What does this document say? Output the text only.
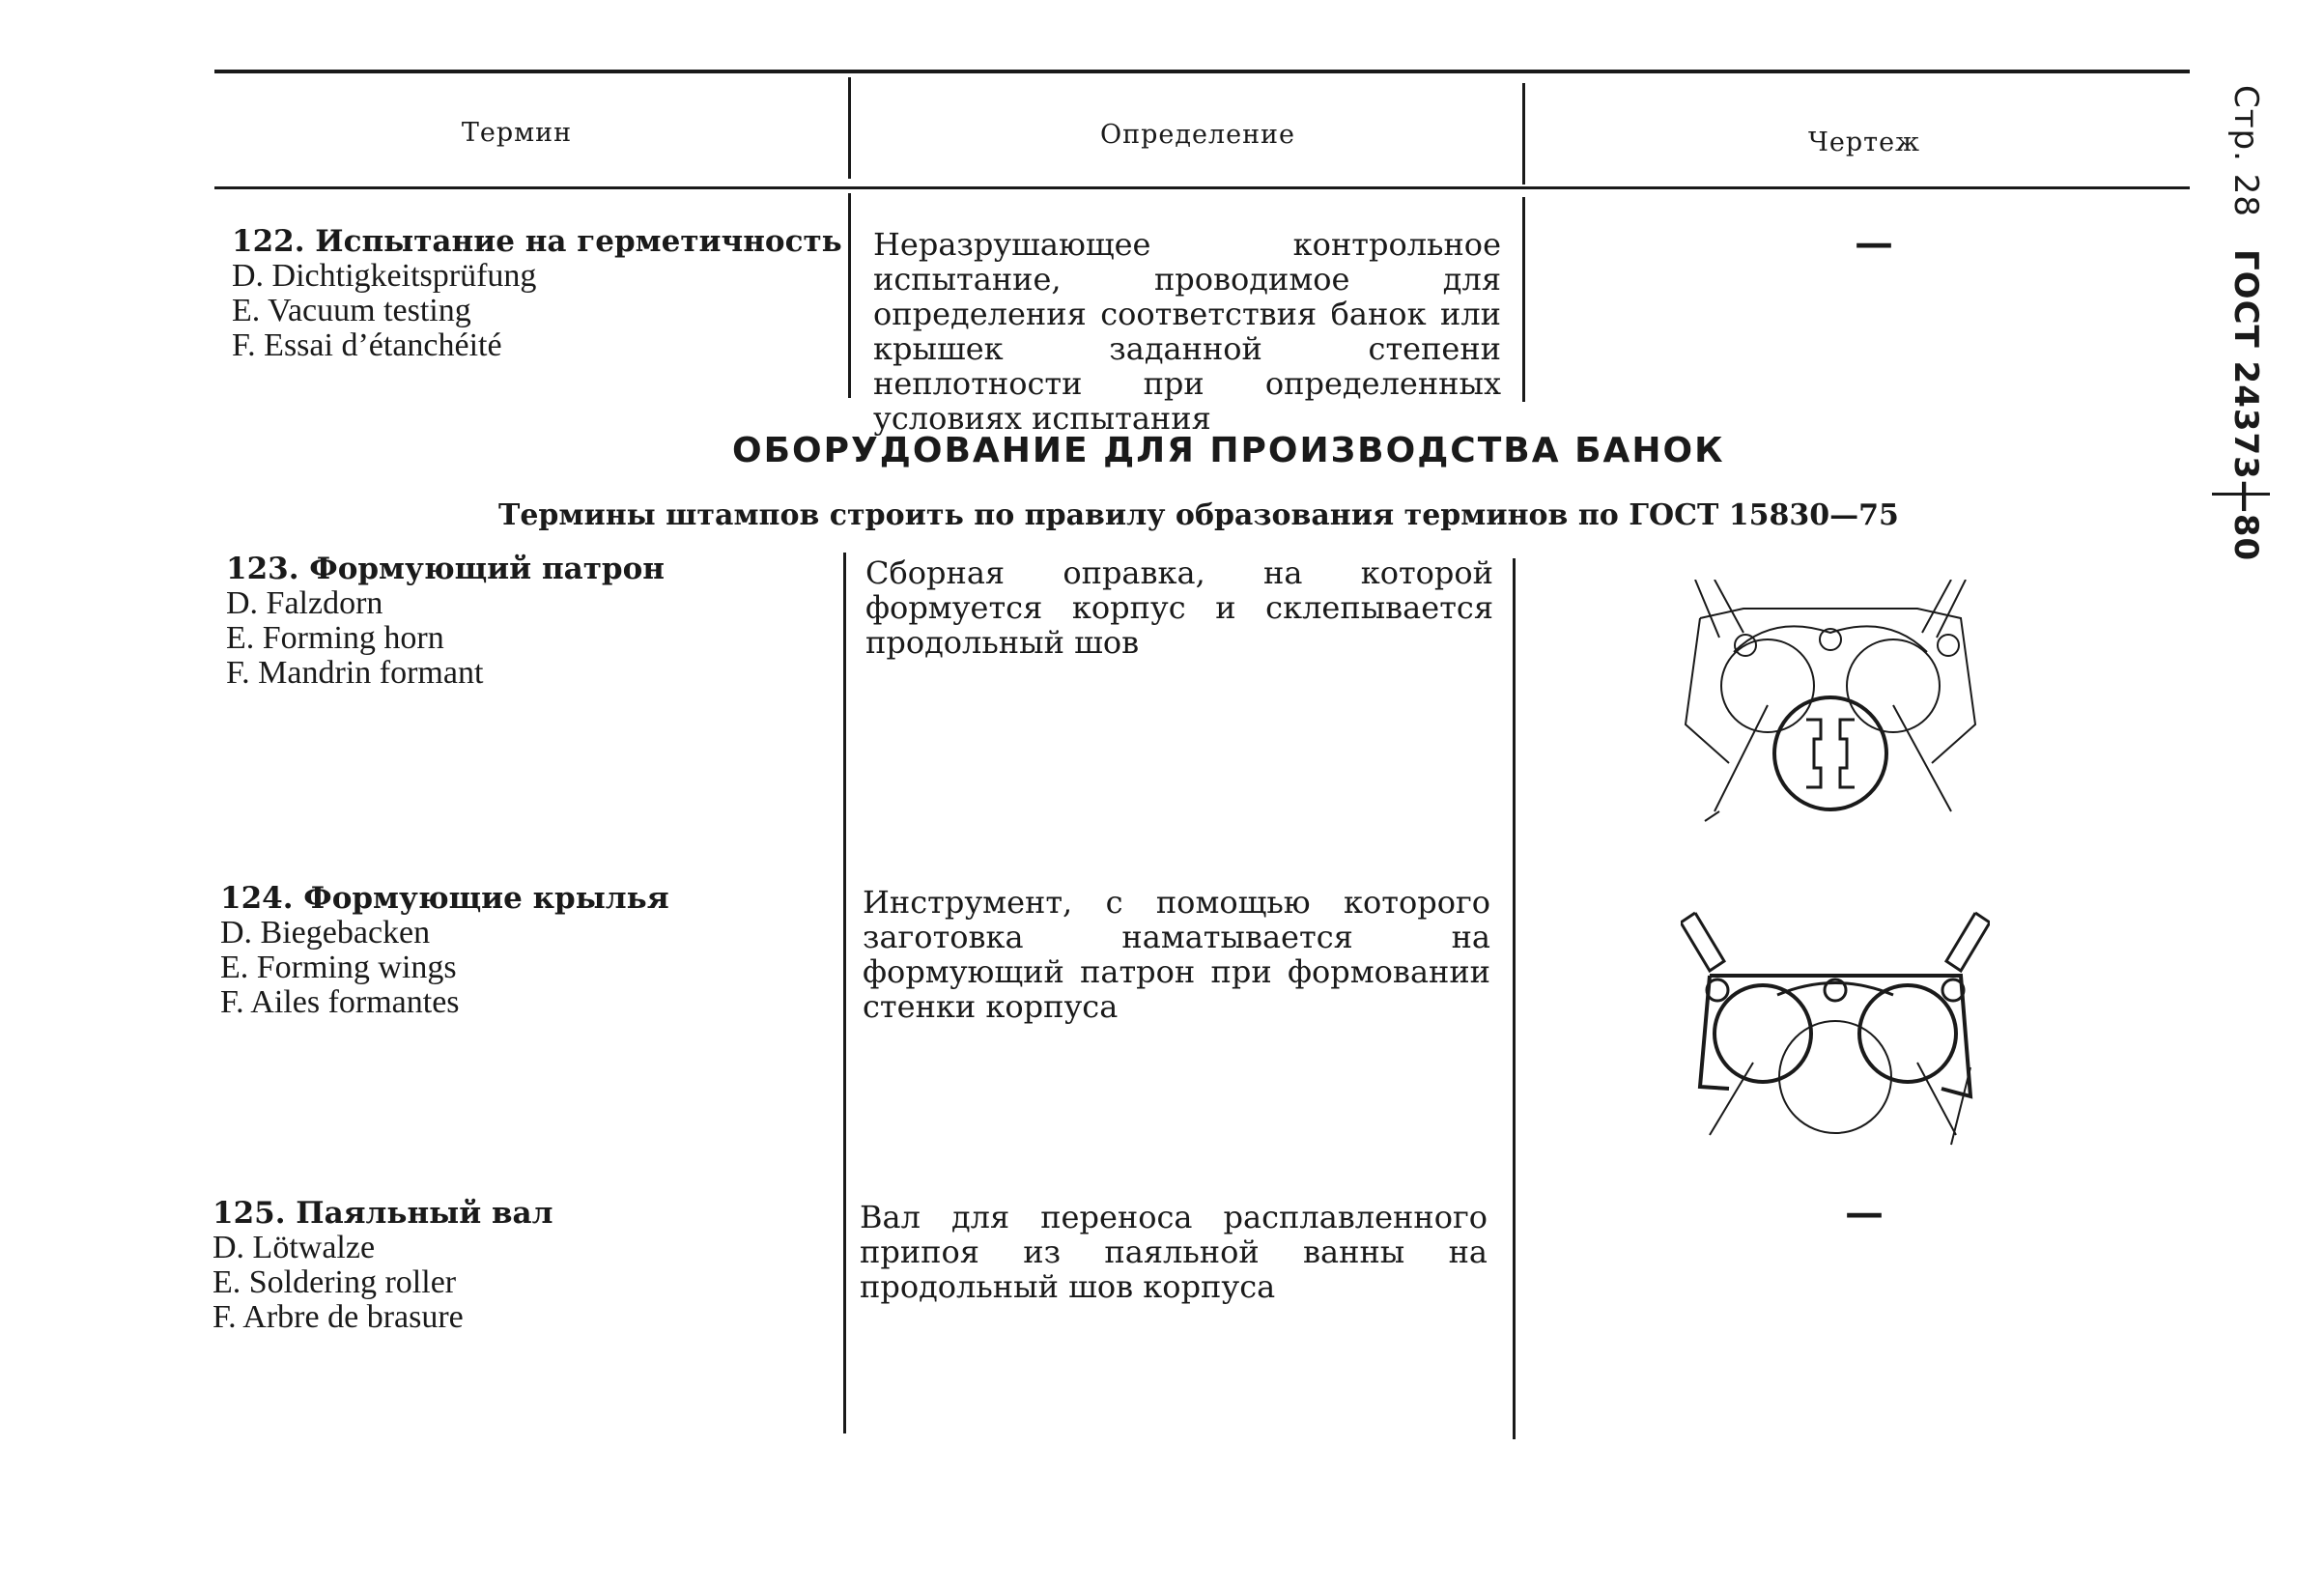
Термин	Определение	Чертеж
122. Испытание на герметичность
D. Dichtigkeitsprüfung
E. Vacuum testing
F. Essai d’étanchéité
Неразрушающее контрольное испытание, проводимое для определения соответствия банок или крышек заданной степени неплотности при определенных условиях испытания
—
ОБОРУДОВАНИЕ ДЛЯ ПРОИЗВОДСТВА БАНОК
Термины штампов строить по правилу образования терминов по ГОСТ 15830—75
123. Формующий патрон
D. Falzdorn
E. Forming horn
F. Mandrin formant
Сборная оправка, на которой формуется корпус и склепывается продольный шов
124. Формующие крылья
D. Biegebacken
E. Forming wings
F. Ailes formantes
Инструмент, с помощью которого заготовка наматывается на формующий патрон при формовании стенки корпуса
125. Паяльный вал
D. Lötwalze
E. Soldering roller
F. Arbre de brasure
Вал для переноса расплавленного припоя из паяльной ванны на продольный шов корпуса
—
Стр. 28 ГОСТ 24373—80
